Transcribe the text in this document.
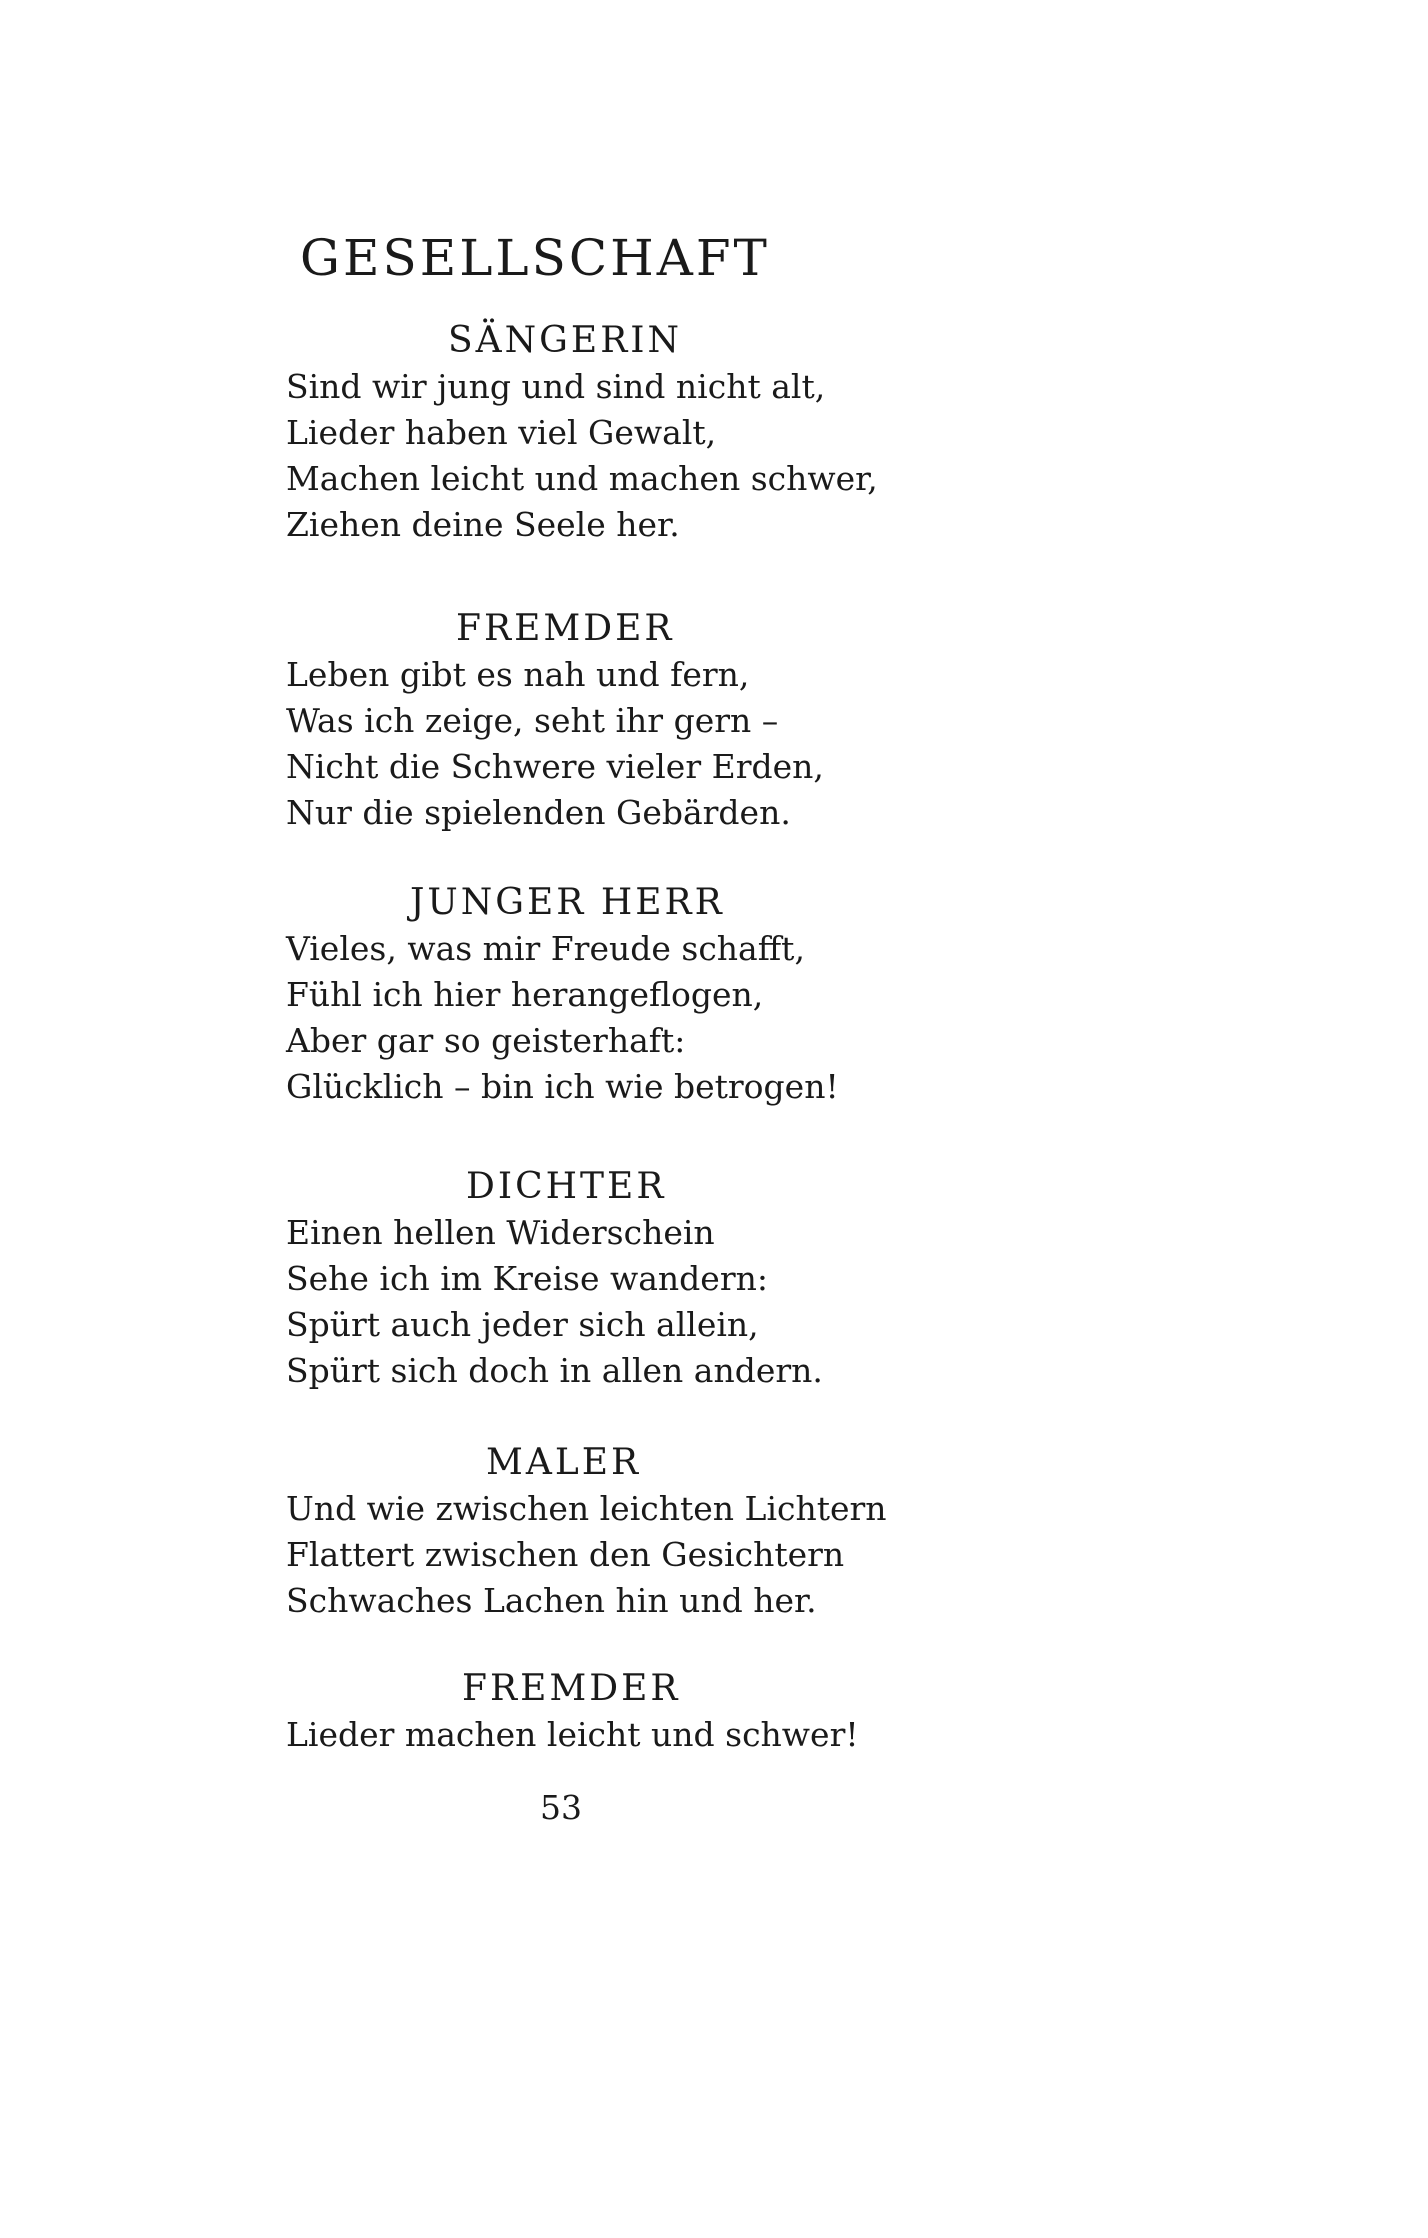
GESELLSCHAFT
SÄNGERIN
Sind wir jung und sind nicht alt,
Lieder haben viel Gewalt,
Machen leicht und machen schwer,
Ziehen deine Seele her.
FREMDER
Leben gibt es nah und fern,
Was ich zeige, seht ihr gern –
Nicht die Schwere vieler Erden,
Nur die spielenden Gebärden.
JUNGER HERR
Vieles, was mir Freude schafft,
Fühl ich hier herangeflogen,
Aber gar so geisterhaft:
Glücklich – bin ich wie betrogen!
DICHTER
Einen hellen Widerschein
Sehe ich im Kreise wandern:
Spürt auch jeder sich allein,
Spürt sich doch in allen andern.
MALER
Und wie zwischen leichten Lichtern
Flattert zwischen den Gesichtern
Schwaches Lachen hin und her.
FREMDER
Lieder machen leicht und schwer!
53
